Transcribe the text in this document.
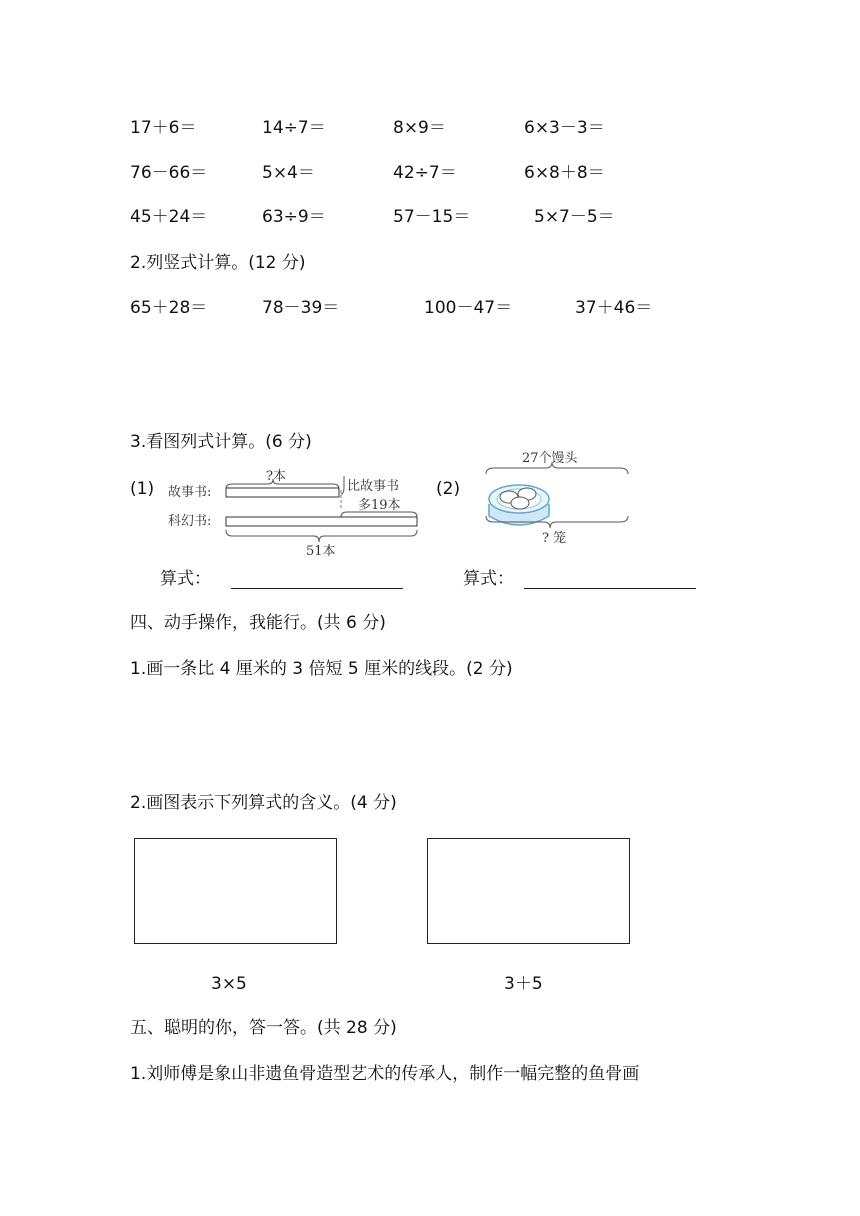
17＋6＝	14÷7＝	8×9＝	6×3－3＝
76－66＝	5×4＝	42÷7＝	6×8＋8＝
45＋24＝	63÷9＝	57－15＝	5×7－5＝
2.列竖式计算。(12 分)
65＋28＝	78－39＝	100－47＝	37＋46＝
3.看图列式计算。(6 分)
(1)
?本
故事书:	比故事书
多19本
科幻书:
51本
(2)
27个馒头
? 笼
算式：	算式：
四、动手操作，我能行。(共 6 分)
1.画一条比 4 厘米的 3 倍短 5 厘米的线段。(2 分)
2.画图表示下列算式的含义。(4 分)
3×5	3＋5
五、聪明的你，答一答。(共 28 分)
1.刘师傅是象山非遗鱼骨造型艺术的传承人，制作一幅完整的鱼骨画
